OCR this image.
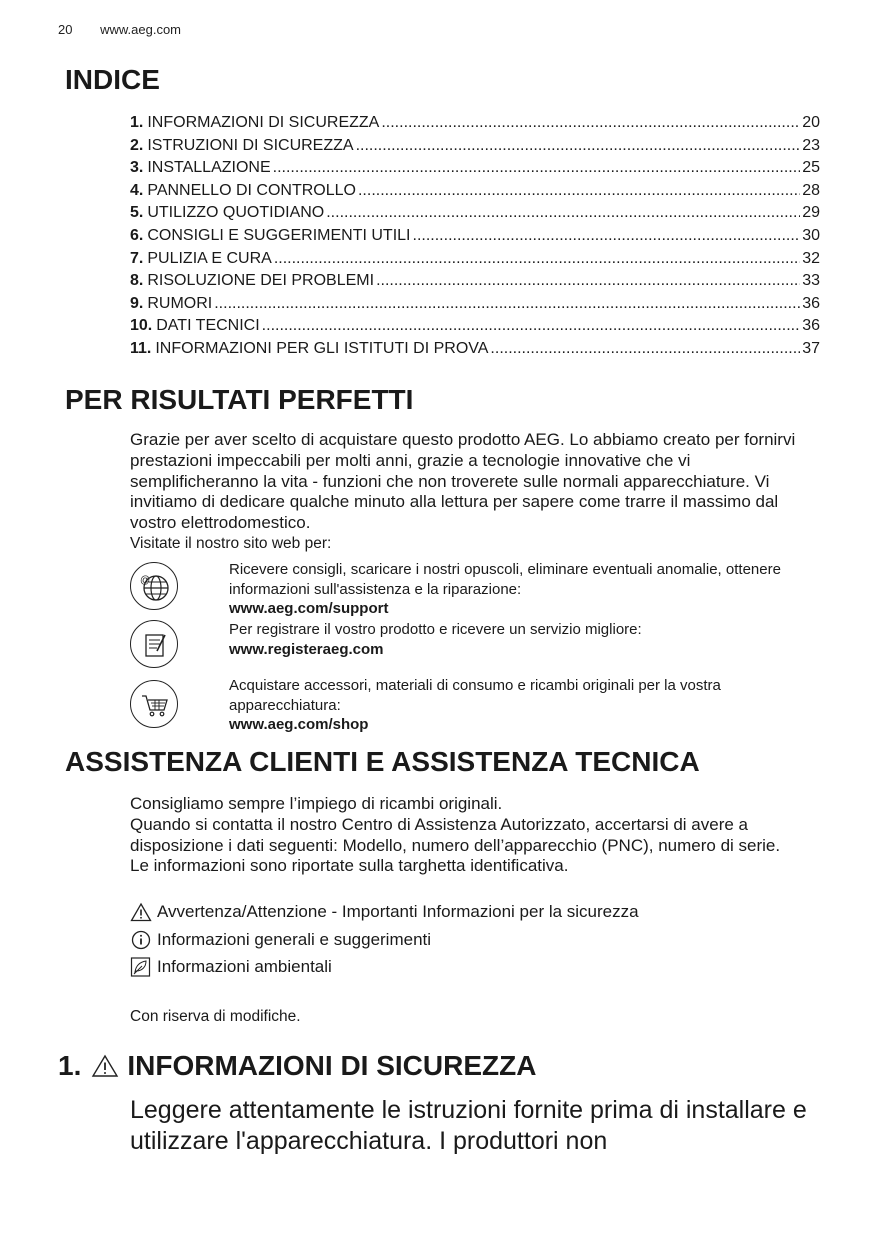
20 www.aeg.com
INDICE
1. INFORMAZIONI DI SICUREZZA .....	20
2. ISTRUZIONI DI SICUREZZA .....	23
3. INSTALLAZIONE .....	25
4. PANNELLO DI CONTROLLO .....	28
5. UTILIZZO QUOTIDIANO .....	29
6. CONSIGLI E SUGGERIMENTI UTILI .....	30
7. PULIZIA E CURA .....	32
8. RISOLUZIONE DEI PROBLEMI .....	33
9. RUMORI .....	36
10. DATI TECNICI .....	36
11. INFORMAZIONI PER GLI ISTITUTI DI PROVA .....	37
PER RISULTATI PERFETTI
Grazie per aver scelto di acquistare questo prodotto AEG. Lo abbiamo creato per fornirvi prestazioni impeccabili per molti anni, grazie a tecnologie innovative che vi semplificheranno la vita - funzioni che non troverete sulle normali apparecchiature. Vi invitiamo di dedicare qualche minuto alla lettura per sapere come trarre il massimo dal vostro elettrodomestico.
Visitate il nostro sito web per:
@
Ricevere consigli, scaricare i nostri opuscoli, eliminare eventuali anomalie, ottenere informazioni sull'assistenza e la riparazione:
www.aeg.com/support
Per registrare il vostro prodotto e ricevere un servizio migliore:
www.registeraeg.com
Acquistare accessori, materiali di consumo e ricambi originali per la vostra apparecchiatura:
www.aeg.com/shop
ASSISTENZA CLIENTI E ASSISTENZA TECNICA
Consigliamo sempre l’impiego di ricambi originali.
Quando si contatta il nostro Centro di Assistenza Autorizzato, accertarsi di avere a disposizione i dati seguenti: Modello, numero dell’apparecchio (PNC), numero di serie.
Le informazioni sono riportate sulla targhetta identificativa.
Avvertenza/Attenzione - Importanti Informazioni per la sicurezza
Informazioni generali e suggerimenti
Informazioni ambientali
Con riserva di modifiche.
1. INFORMAZIONI DI SICUREZZA
Leggere attentamente le istruzioni fornite prima di installare e utilizzare l'apparecchiatura. I produttori non
